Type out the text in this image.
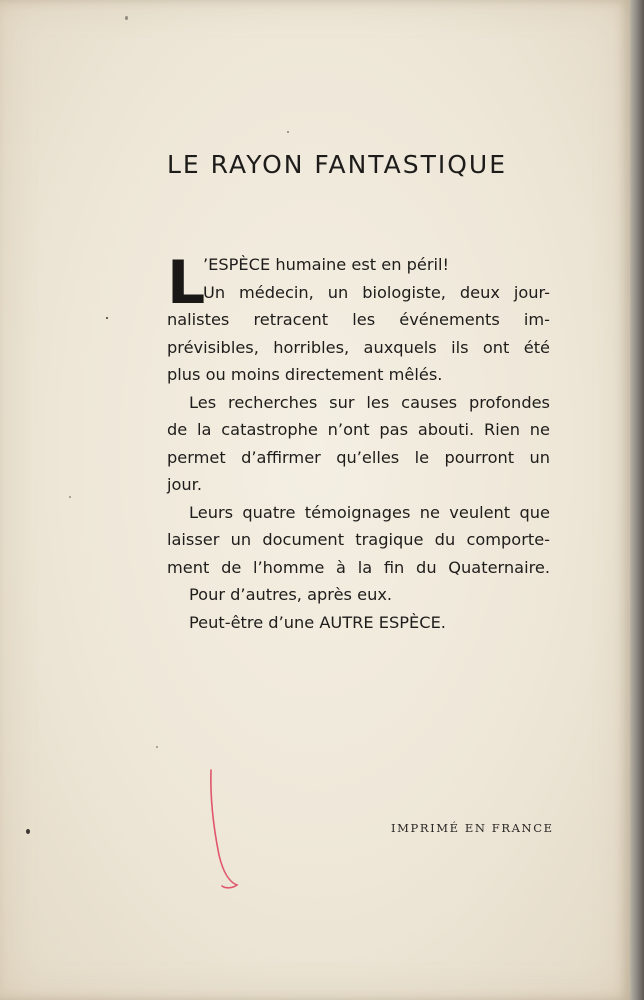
LE RAYON FANTASTIQUE

L
’ESPÈCE humaine est en péril!
Un médecin, un biologiste, deux jour-

nalistes retracent les événements im-
prévisibles, horribles, auxquels ils ont été
plus ou moins directement mêlés.

Les recherches sur les causes profondes
de la catastrophe n’ont pas abouti. Rien ne
permet d’affirmer qu’elles le pourront un
jour.

Leurs quatre témoignages ne veulent que
laisser un document tragique du comporte-
ment de l’homme à la fin du Quaternaire.

Pour d’autres, après eux.

Peut-être d’une AUTRE ESPÈCE.

IMPRIMÉ EN FRANCE
